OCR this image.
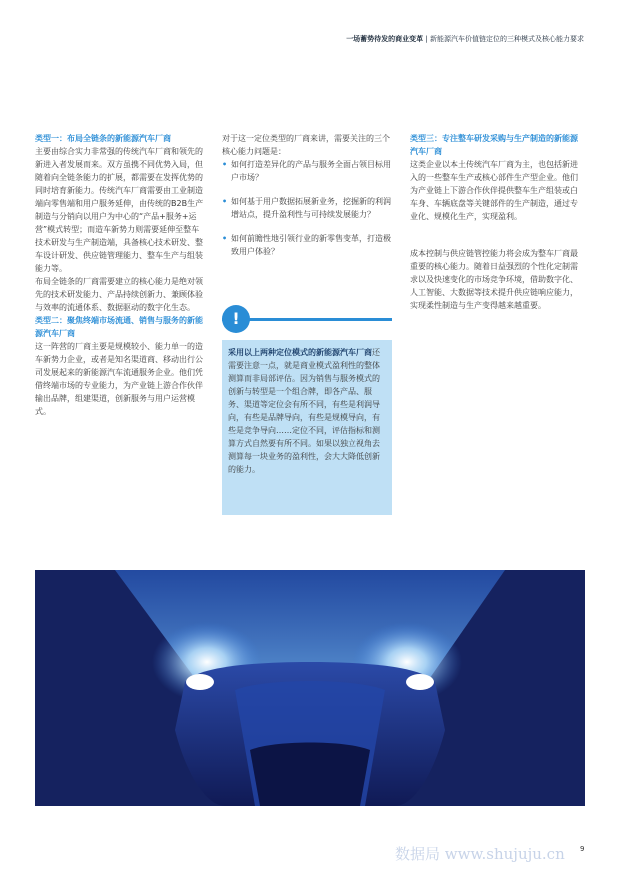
一场蓄势待发的商业变革 | 新能源汽车价值链定位的三种模式及核心能力要求

类型一：布局全链条的新能源汽车厂商

主要由综合实力非常强的传统汽车厂商和领先的新进入者发展而来。双方虽携不同优势入局，但随着向全链条能力的扩展，都需要在发挥优势的同时培育新能力。传统汽车厂商需要由工业制造端向零售端和用户服务延伸，由传统的B2B生产制造与分销向以用户为中心的“产品+服务+运营”模式转型；而造车新势力则需要延伸至整车技术研发与生产制造端，具备核心技术研发、整车设计研发、供应链管理能力、整车生产与组装能力等。

布局全链条的厂商需要建立的核心能力是绝对领先的技术研发能力、产品持续创新力、兼顾体验与效率的流通体系、数据驱动的数字化生态。

类型二：聚焦终端市场流通、销售与服务的新能源汽车厂商

这一阵营的厂商主要是规模较小、能力单一的造车新势力企业，或者是知名渠道商、移动出行公司发展起来的新能源汽车流通服务企业。他们凭借终端市场的专业能力，为产业链上游合作伙伴输出品牌，组建渠道，创新服务与用户运营模式。

对于这一定位类型的厂商来讲，需要关注的三个核心能力问题是：

• 如何打造差异化的产品与服务全面占领目标用户市场？
• 如何基于用户数据拓展新业务，挖掘新的利润增站点，提升盈利性与可持续发展能力？
• 如何前瞻性地引领行业的新零售变革，打造极致用户体验？
!
采用以上两种定位模式的新能源汽车厂商还需要注意一点，就是商业模式盈利性的整体测算而非局部评估。因为销售与服务模式的创新与转型是一个组合牌，即各产品、服务、渠道等定位会有所不同，有些是利润导向，有些是品牌导向，有些是规模导向，有些是竞争导向……定位不同，评估指标和测算方式自然要有所不同。如果以独立视角去测算每一块业务的盈利性，会大大降低创新的能力。

类型三：专注整车研发采购与生产制造的新能源汽车厂商

这类企业以本土传统汽车厂商为主，也包括新进入的一些整车生产或核心部件生产型企业。他们为产业链上下游合作伙伴提供整车生产组装或白车身、车辆底盘等关键部件的生产制造，通过专业化、规模化生产，实现盈利。

成本控制与供应链管控能力将会成为整车厂商最重要的核心能力。随着日益强烈的个性化定制需求以及快速变化的市场竞争环境，借助数字化、人工智能、大数据等技术提升供应链响应能力，实现柔性制造与生产变得越来越重要。

数据局 www.shujuju.cn 9
